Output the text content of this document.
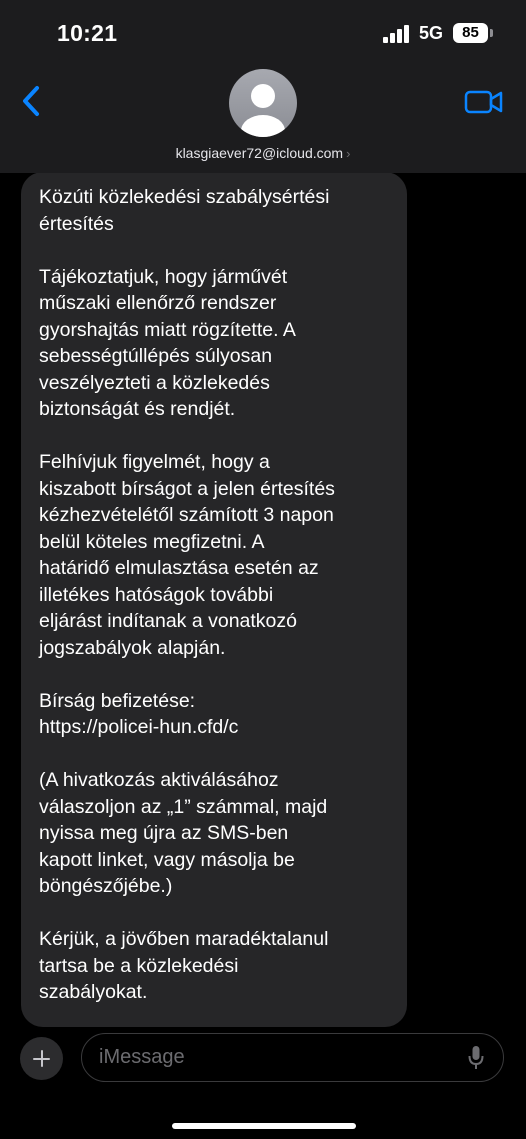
10:21	5G	85
klasgiaever72@icloud.com ›
Közúti közlekedési szabálysértési
értesítés
Tájékoztatjuk, hogy járművét
műszaki ellenőrző rendszer
gyorshajtás miatt rögzítette. A
sebességtúllépés súlyosan
veszélyezteti a közlekedés
biztonságát és rendjét.
Felhívjuk figyelmét, hogy a
kiszabott bírságot a jelen értesítés
kézhezvételétől számított 3 napon
belül köteles megfizetni. A
határidő elmulasztása esetén az
illetékes hatóságok további
eljárást indítanak a vonatkozó
jogszabályok alapján.
Bírság befizetése:
https://policei-hun.cfd/c
(A hivatkozás aktiválásához
válaszoljon az „1” számmal, majd
nyissa meg újra az SMS-ben
kapott linket, vagy másolja be
böngészőjébe.)
Kérjük, a jövőben maradéktalanul
tartsa be a közlekedési
szabályokat.
iMessage
